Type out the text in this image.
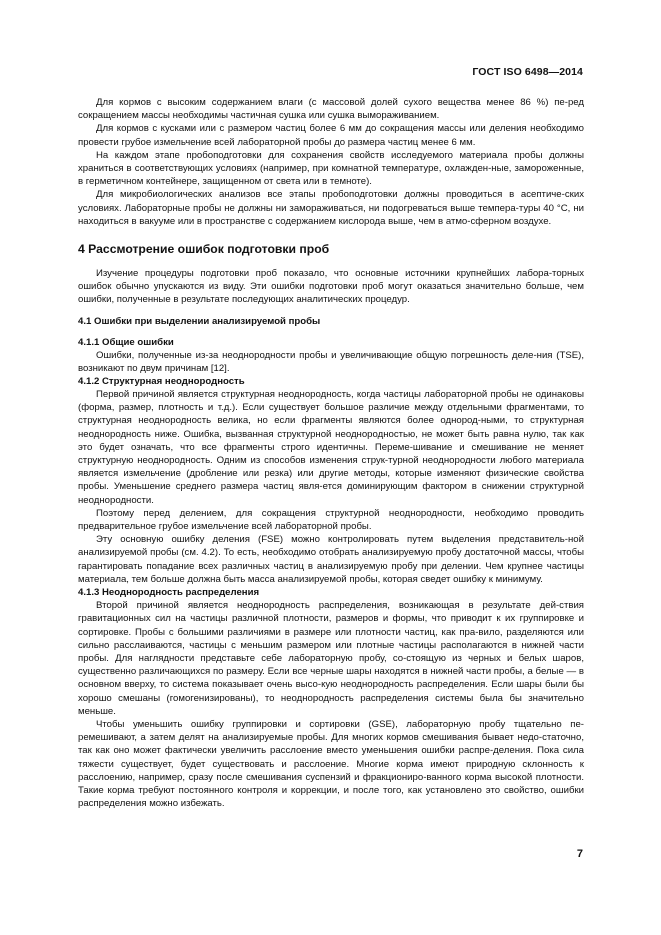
ГОСТ ISO 6498—2014

Для кормов с высоким содержанием влаги (с массовой долей сухого вещества менее 86 %) пе-ред сокращением массы необходимы частичная сушка или сушка вымораживанием.

Для кормов с кусками или с размером частиц более 6 мм до сокращения массы или деления необходимо провести грубое измельчение всей лабораторной пробы до размера частиц менее 6 мм.

На каждом этапе пробоподготовки для сохранения свойств исследуемого материала пробы должны храниться в соответствующих условиях (например, при комнатной температуре, охлажден-ные, замороженные, в герметичном контейнере, защищенном от света или в темноте).

Для микробиологических анализов все этапы пробоподготовки должны проводиться в асептиче-ских условиях. Лабораторные пробы не должны ни замораживаться, ни подогреваться выше темпера-туры 40 °С, ни находиться в вакууме или в пространстве с содержанием кислорода выше, чем в атмо-сферном воздухе.

4 Рассмотрение ошибок подготовки проб

Изучение процедуры подготовки проб показало, что основные источники крупнейших лабора-торных ошибок обычно упускаются из виду. Эти ошибки подготовки проб могут оказаться значительно больше, чем ошибки, полученные в результате последующих аналитических процедур.

4.1 Ошибки при выделении анализируемой пробы
4.1.1 Общие ошибки

Ошибки, полученные из-за неоднородности пробы и увеличивающие общую погрешность деле-ния (TSE), возникают по двум причинам [12].

4.1.2 Структурная неоднородность

Первой причиной является структурная неоднородность, когда частицы лабораторной пробы не одинаковы (форма, размер, плотность и т.д.). Если существует большое различие между отдельными фрагментами, то структурная неоднородность велика, но если фрагменты являются более однород-ными, то структурная неоднородность ниже. Ошибка, вызванная структурной неоднородностью, не может быть равна нулю, так как это будет означать, что все фрагменты строго идентичны. Переме-шивание и смешивание не меняет структурную неоднородность. Одним из способов изменения струк-турной неоднородности любого материала является измельчение (дробление или резка) или другие методы, которые изменяют физические свойства пробы. Уменьшение среднего размера частиц явля-ется доминирующим фактором в снижении структурной неоднородности.

Поэтому перед делением, для сокращения структурной неоднородности, необходимо проводить предварительное грубое измельчение всей лабораторной пробы.

Эту основную ошибку деления (FSE) можно контролировать путем выделения представитель-ной анализируемой пробы (см. 4.2). То есть, необходимо отобрать анализируемую пробу достаточной массы, чтобы гарантировать попадание всех различных частиц в анализируемую пробу при делении. Чем крупнее частицы материала, тем больше должна быть масса анализируемой пробы, которая сведет ошибку к минимуму.

4.1.3 Неоднородность распределения

Второй причиной является неоднородность распределения, возникающая в результате дей-ствия гравитационных сил на частицы различной плотности, размеров и формы, что приводит к их группировке и сортировке. Пробы с большими различиями в размере или плотности частиц, как пра-вило, разделяются или сильно расслаиваются, частицы с меньшим размером или плотные частицы располагаются в нижней части пробы. Для наглядности представьте себе лабораторную пробу, со-стоящую из черных и белых шаров, существенно различающихся по размеру. Если все черные шары находятся в нижней части пробы, а белые — в основном вверху, то система показывает очень высо-кую неоднородность распределения. Если шары были бы хорошо смешаны (гомогенизированы), то неоднородность распределения системы была бы значительно меньше.

Чтобы уменьшить ошибку группировки и сортировки (GSE), лабораторную пробу тщательно пе-ремешивают, а затем делят на анализируемые пробы. Для многих кормов смешивания бывает недо-статочно, так как оно может фактически увеличить расслоение вместо уменьшения ошибки распре-деления. Пока сила тяжести существует, будет существовать и расслоение. Многие корма имеют природную склонность к расслоению, например, сразу после смешивания суспензий и фракциониро-ванного корма высокой плотности. Такие корма требуют постоянного контроля и коррекции, и после того, как установлено это свойство, ошибки распределения можно избежать.

7
